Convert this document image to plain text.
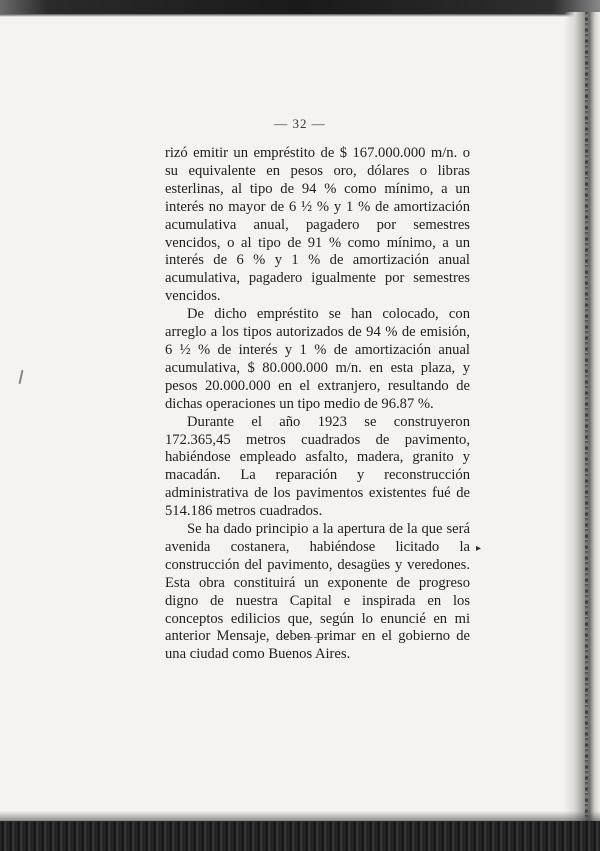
— 32 —

rizó emitir un empréstito de $ 167.000.000 m/n. o su equivalente en pesos oro, dólares o libras esterlinas, al tipo de 94 % como mínimo, a un interés no mayor de 6 ½ % y 1 % de amortización acumulativa anual, pagadero por semestres vencidos, o al tipo de 91 % como mínimo, a un interés de 6 % y 1 % de amortización anual acumulativa, pagadero igualmente por semestres vencidos.

De dicho empréstito se han colocado, con arreglo a los tipos autorizados de 94 % de emisión, 6 ½ % de interés y 1 % de amortización anual acumulativa, $ 80.000.000 m/n. en esta plaza, y pesos 20.000.000 en el extranjero, resultando de dichas operaciones un tipo medio de 96.87 %.

Durante el año 1923 se construyeron 172.365,45 metros cuadrados de pavimento, habiéndose empleado asfalto, madera, granito y macadán. La reparación y reconstrucción administrativa de los pavimentos existentes fué de 514.186 metros cuadrados.

Se ha dado principio a la apertura de la que será avenida costanera, habiéndose licitado la construcción del pavimento, desagües y veredones. Esta obra constituirá un exponente de progreso digno de nuestra Capital e inspirada en los conceptos edilicios que, según lo enuncié en mi anterior Mensaje, deben primar en el gobierno de una ciudad como Buenos Aires.

▸
